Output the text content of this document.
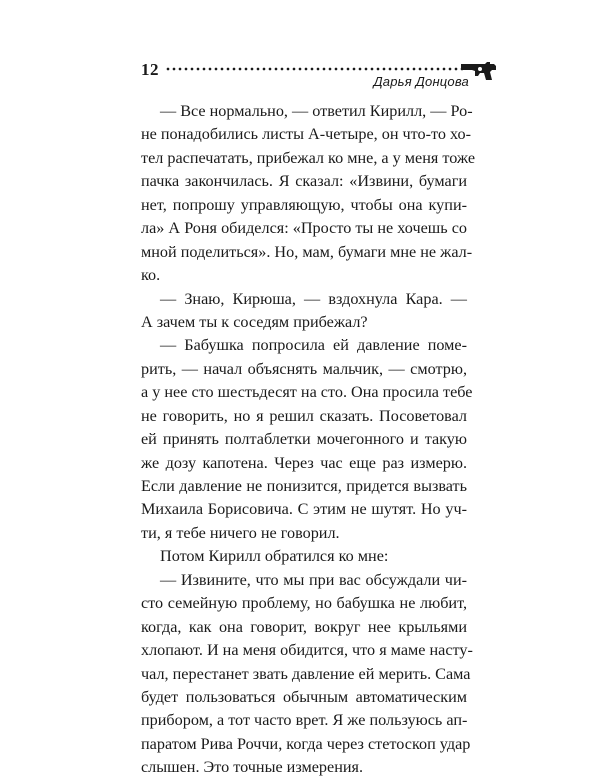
12
Дарья Донцова
— Все нормально, — ответил Кирилл, — Ро-
не понадобились листы А-четыре, он что-то хо-
тел распечатать, прибежал ко мне, а у меня тоже
пачка закончилась. Я сказал: «Извини, бумаги
нет, попрошу управляющую, чтобы она купи-
ла» А Роня обиделся: «Просто ты не хочешь со
мной поделиться». Но, мам, бумаги мне не жал-
ко.
— Знаю, Кирюша, — вздохнула Кара. —
А зачем ты к соседям прибежал?
— Бабушка попросила ей давление поме-
рить, — начал объяснять мальчик, — смотрю,
а у нее сто шестьдесят на сто. Она просила тебе
не говорить, но я решил сказать. Посоветовал
ей принять полтаблетки мочегонного и такую
же дозу капотена. Через час еще раз измерю.
Если давление не понизится, придется вызвать
Михаила Борисовича. С этим не шутят. Но уч-
ти, я тебе ничего не говорил.
Потом Кирилл обратился ко мне:
— Извините, что мы при вас обсуждали чи-
сто семейную проблему, но бабушка не любит,
когда, как она говорит, вокруг нее крыльями
хлопают. И на меня обидится, что я маме насту-
чал, перестанет звать давление ей мерить. Сама
будет пользоваться обычным автоматическим
прибором, а тот часто врет. Я же пользуюсь ап-
паратом Рива Роччи, когда через стетоскоп удар
слышен. Это точные измерения.
